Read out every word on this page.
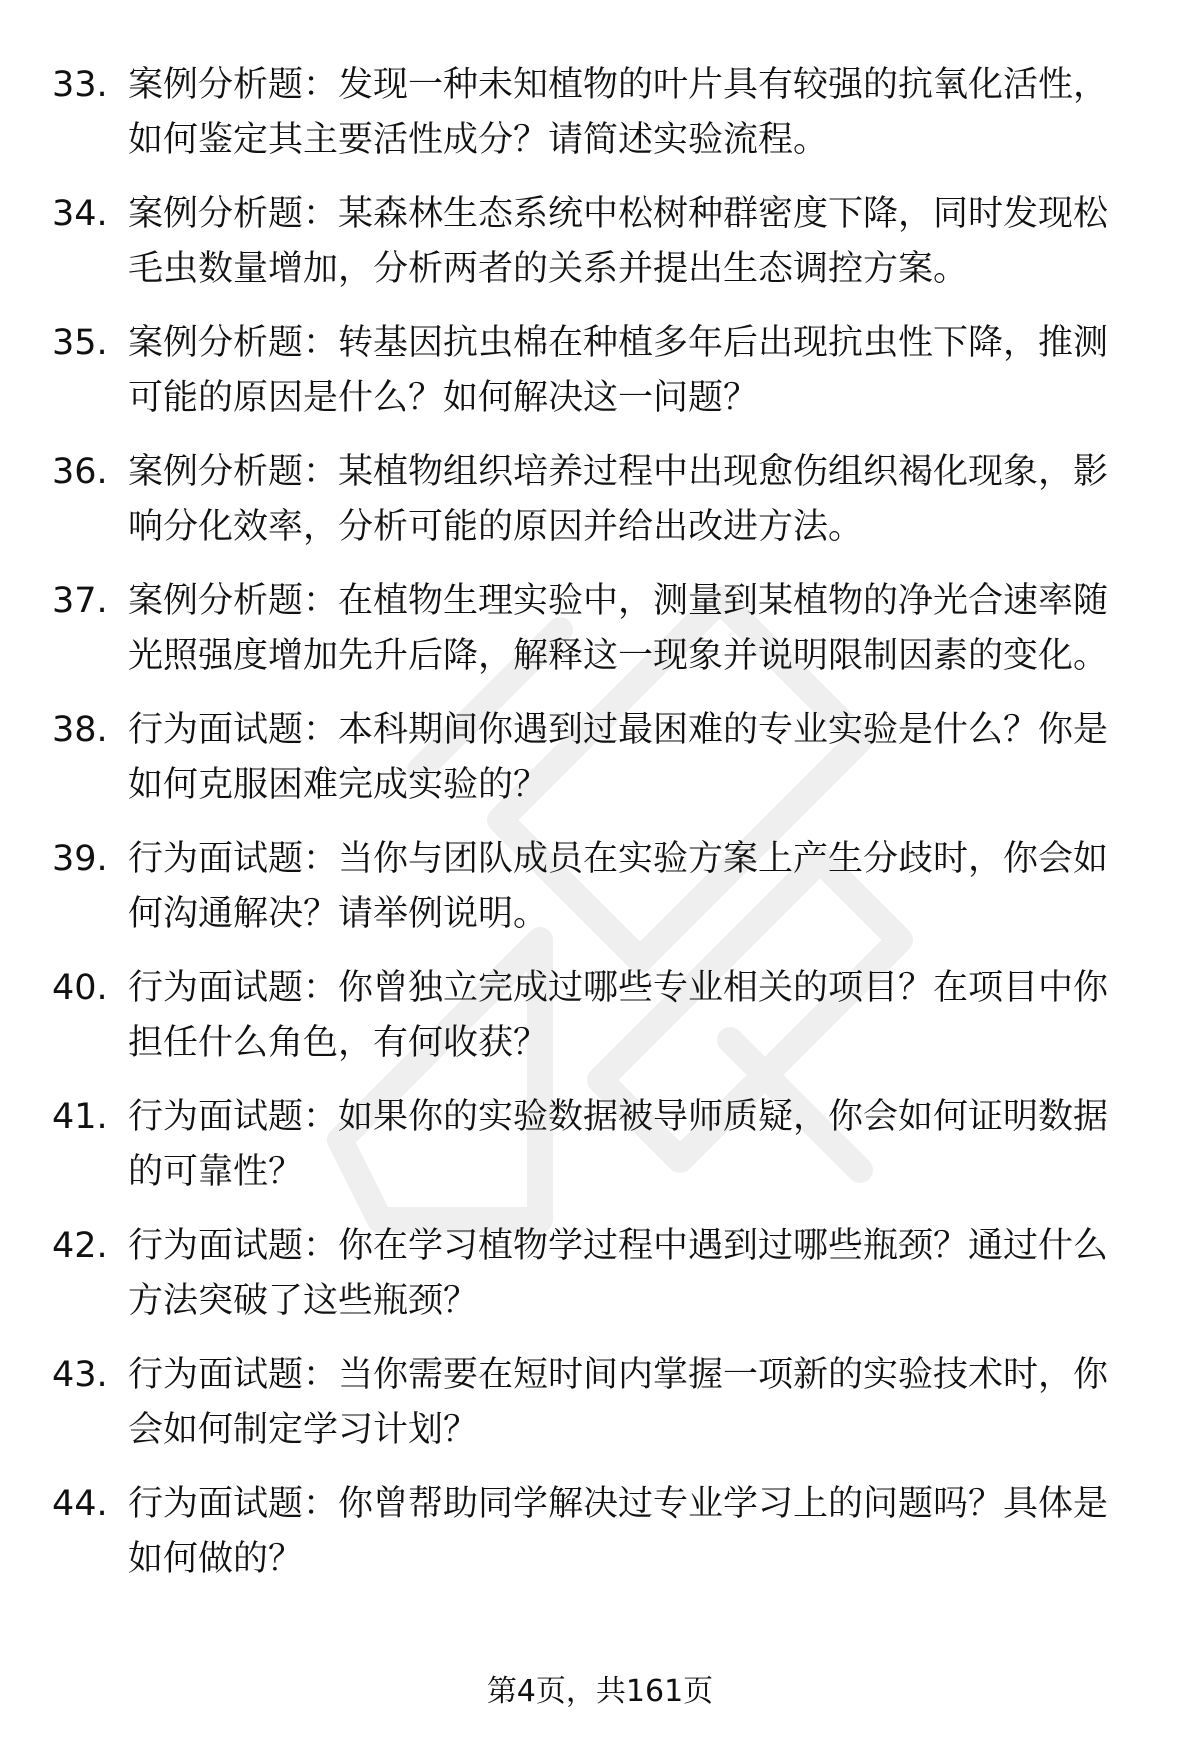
33. 案例分析题：发现一种未知植物的叶片具有较强的抗氧化活性，如何鉴定其主要活性成分？请简述实验流程。
34. 案例分析题：某森林生态系统中松树种群密度下降，同时发现松毛虫数量增加，分析两者的关系并提出生态调控方案。
35. 案例分析题：转基因抗虫棉在种植多年后出现抗虫性下降，推测可能的原因是什么？如何解决这一问题？
36. 案例分析题：某植物组织培养过程中出现愈伤组织褐化现象，影响分化效率，分析可能的原因并给出改进方法。
37. 案例分析题：在植物生理实验中，测量到某植物的净光合速率随光照强度增加先升后降，解释这一现象并说明限制因素的变化。
38. 行为面试题：本科期间你遇到过最困难的专业实验是什么？你是如何克服困难完成实验的？
39. 行为面试题：当你与团队成员在实验方案上产生分歧时，你会如何沟通解决？请举例说明。
40. 行为面试题：你曾独立完成过哪些专业相关的项目？在项目中你担任什么角色，有何收获？
41. 行为面试题：如果你的实验数据被导师质疑，你会如何证明数据的可靠性？
42. 行为面试题：你在学习植物学过程中遇到过哪些瓶颈？通过什么方法突破了这些瓶颈？
43. 行为面试题：当你需要在短时间内掌握一项新的实验技术时，你会如何制定学习计划？
44. 行为面试题：你曾帮助同学解决过专业学习上的问题吗？具体是如何做的？
第4页，共161页
